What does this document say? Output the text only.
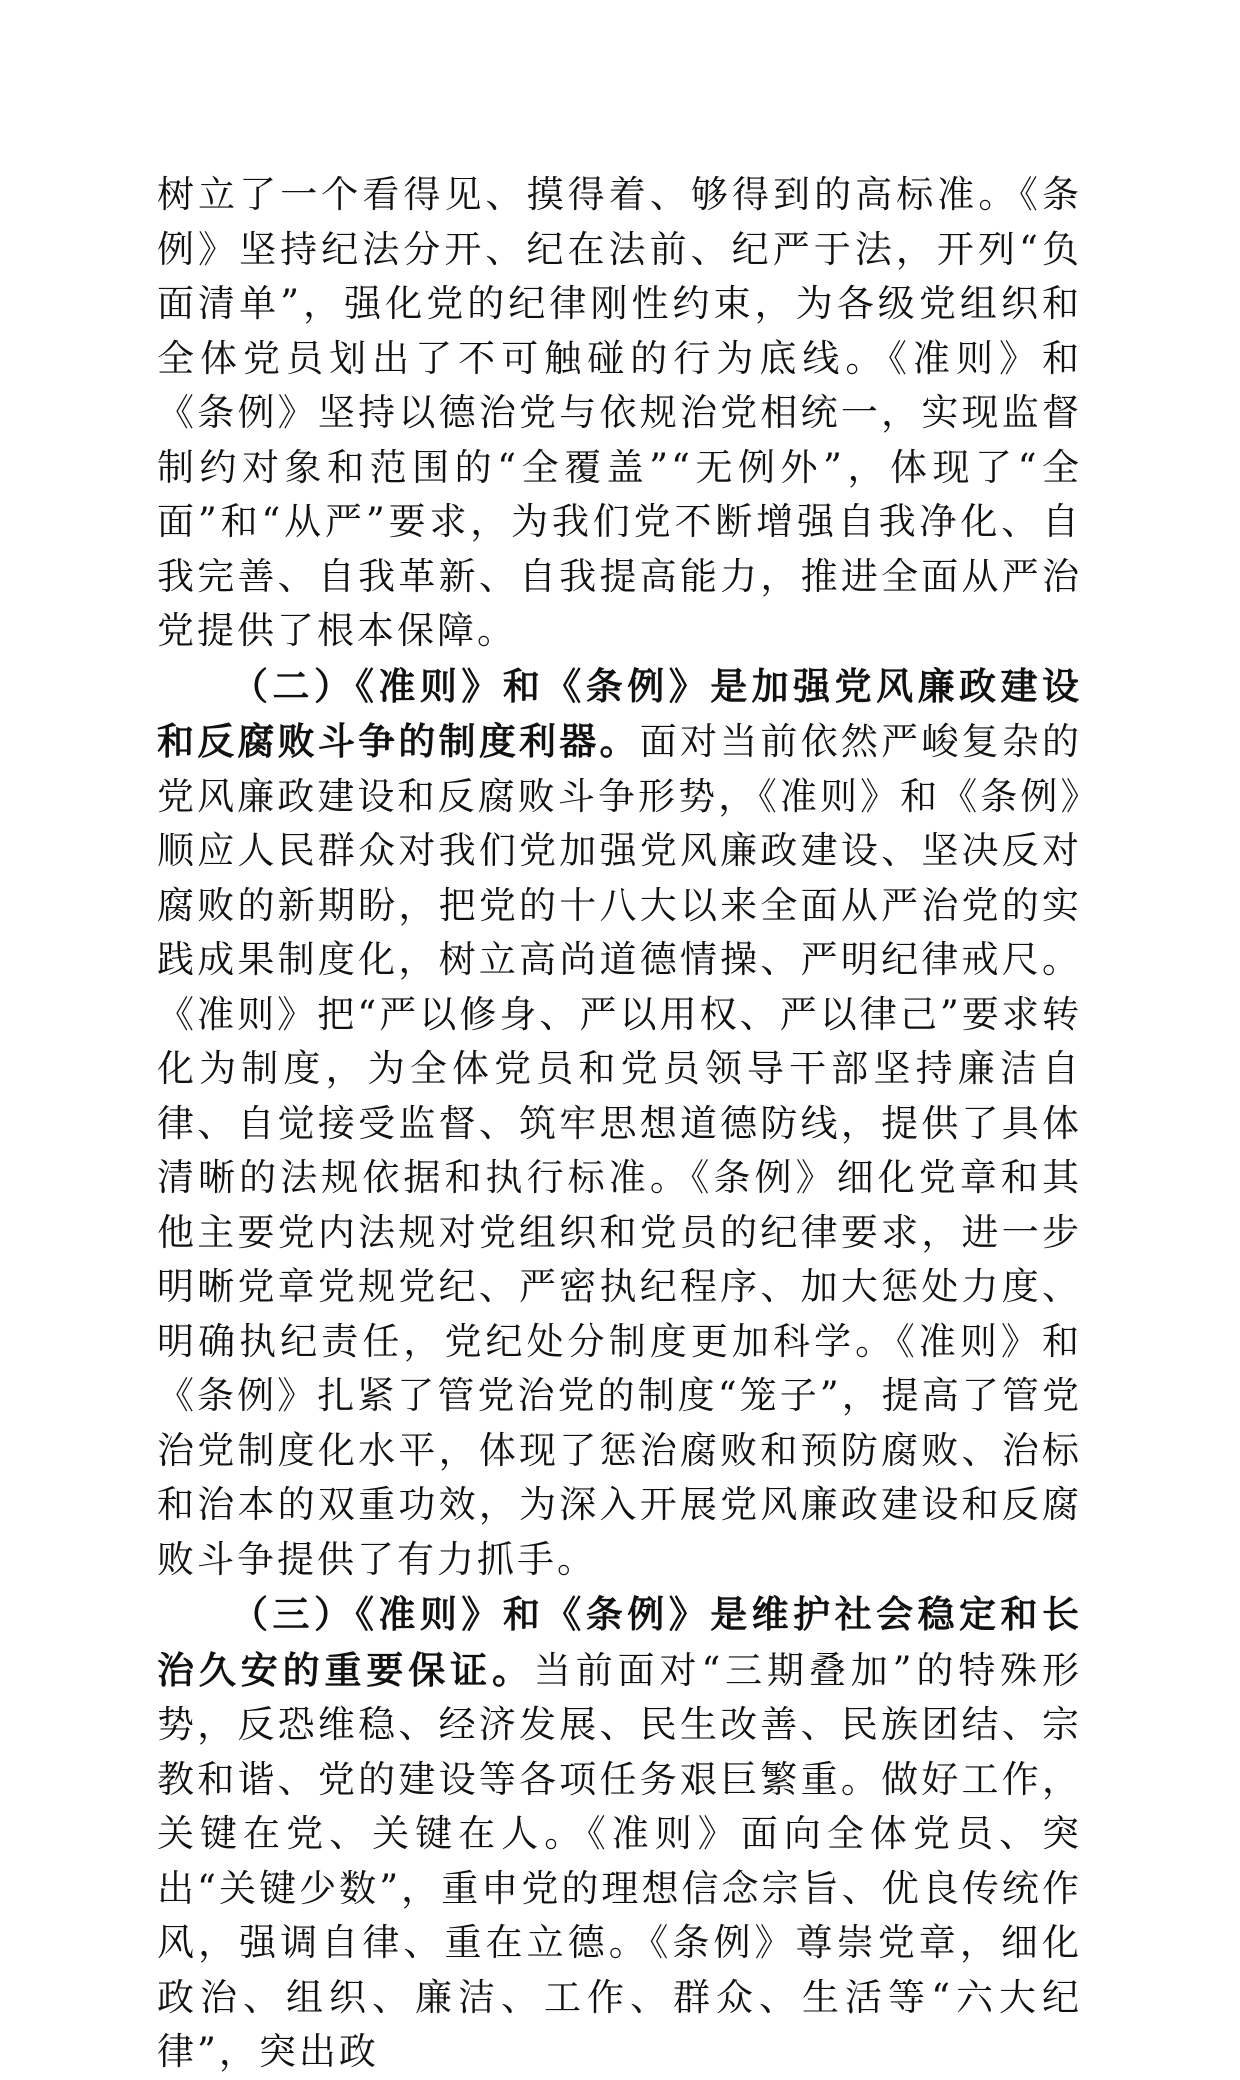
树立了一个看得见、摸得着、够得到的高标准。《条例》坚持纪法分开、纪在法前、纪严于法，开列“负面清单”，强化党的纪律刚性约束，为各级党组织和全体党员划出了不可触碰的行为底线。《准则》和《条例》坚持以德治党与依规治党相统一，实现监督制约对象和范围的“全覆盖”“无例外”，体现了“全面”和“从严”要求，为我们党不断增强自我净化、自我完善、自我革新、自我提高能力，推进全面从严治党提供了根本保障。

（二）《准则》和《条例》是加强党风廉政建设和反腐败斗争的制度利器。面对当前依然严峻复杂的党风廉政建设和反腐败斗争形势，《准则》和《条例》顺应人民群众对我们党加强党风廉政建设、坚决反对腐败的新期盼，把党的十八大以来全面从严治党的实践成果制度化，树立高尚道德情操、严明纪律戒尺。《准则》把“严以修身、严以用权、严以律己”要求转化为制度，为全体党员和党员领导干部坚持廉洁自律、自觉接受监督、筑牢思想道德防线，提供了具体清晰的法规依据和执行标准。《条例》细化党章和其他主要党内法规对党组织和党员的纪律要求，进一步明晰党章党规党纪、严密执纪程序、加大惩处力度、明确执纪责任，党纪处分制度更加科学。《准则》和《条例》扎紧了管党治党的制度“笼子”，提高了管党治党制度化水平，体现了惩治腐败和预防腐败、治标和治本的双重功效，为深入开展党风廉政建设和反腐败斗争提供了有力抓手。

（三）《准则》和《条例》是维护社会稳定和长治久安的重要保证。当前面对“三期叠加”的特殊形势，反恐维稳、经济发展、民生改善、民族团结、宗教和谐、党的建设等各项任务艰巨繁重。做好工作，关键在党、关键在人。《准则》面向全体党员、突出“关键少数”，重申党的理想信念宗旨、优良传统作风，强调自律、重在立德。《条例》尊崇党章，细化政治、组织、廉洁、工作、群众、生活等“六大纪律”，突出政
